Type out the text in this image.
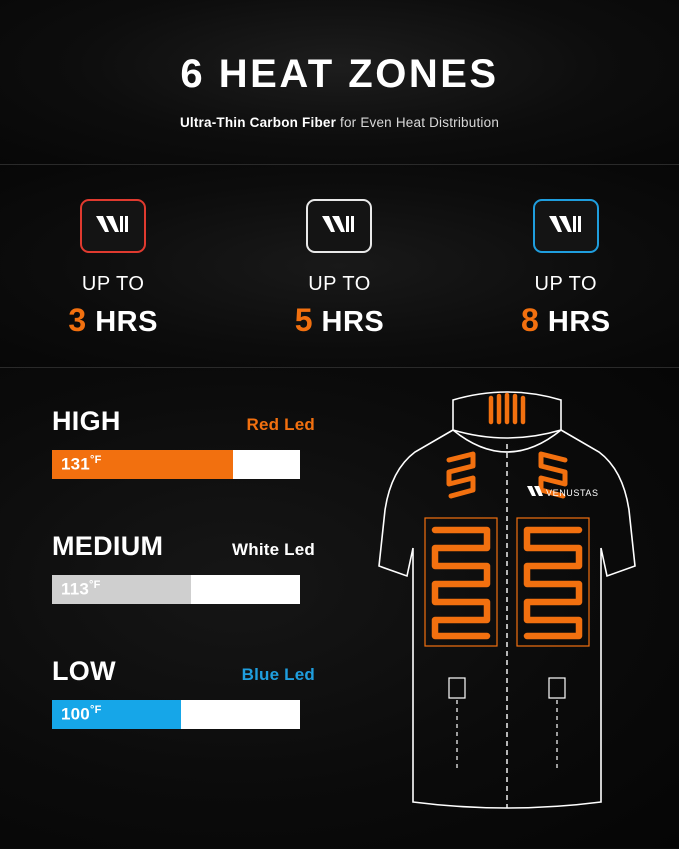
6 HEAT ZONES
Ultra-Thin Carbon Fiber for Even Heat Distribution
UP TO
3 HRS
UP TO
5 HRS
UP TO
8 HRS
HIGH	Red Led
$131^{^\circ F}$
MEDIUM	White Led
$113^{^\circ F}$
LOW	Blue Led
$100^{^\circ F}$
VENUSTAS
